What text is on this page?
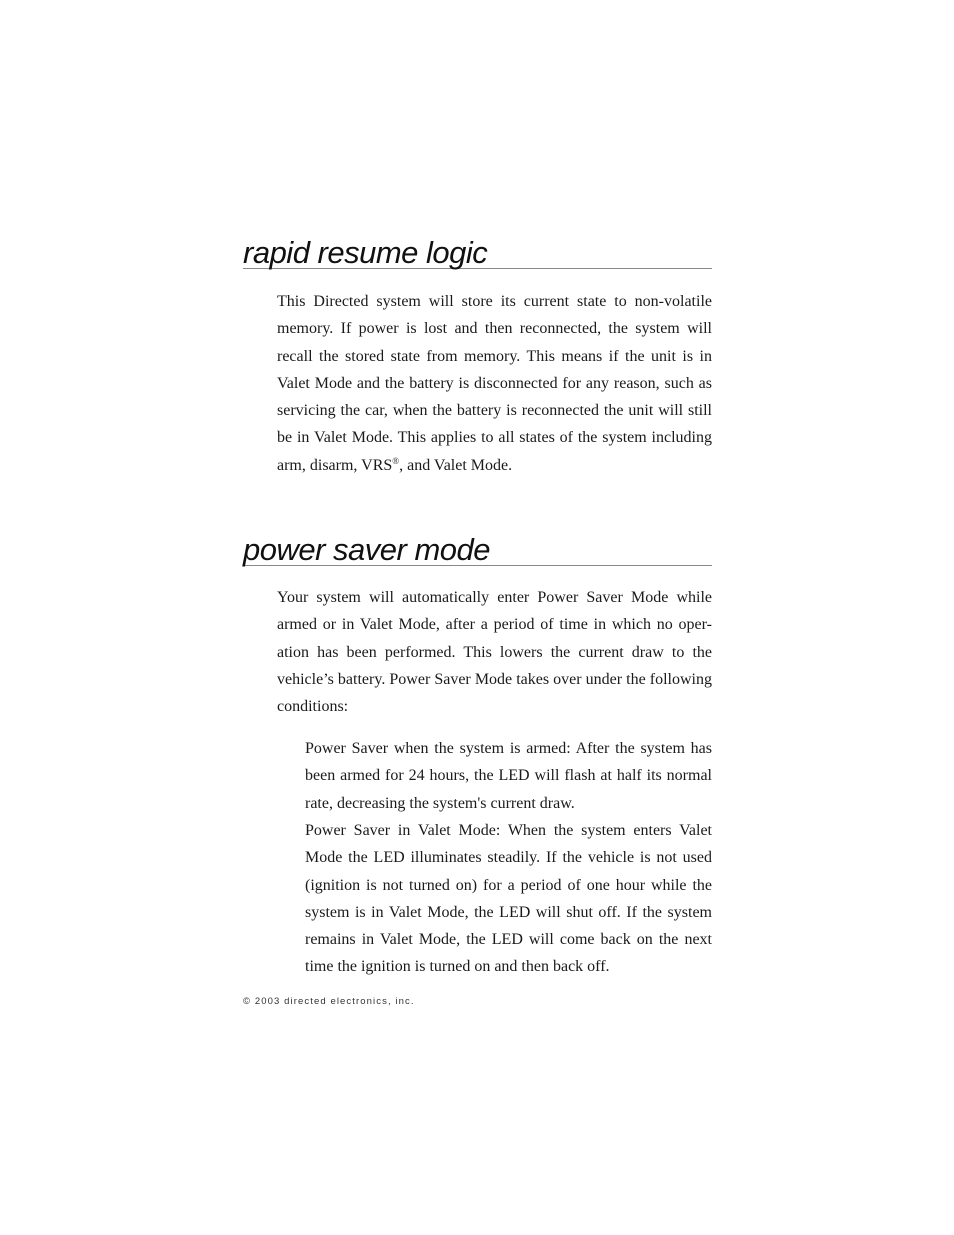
rapid resume logic

This Directed system will store its current state to non-volatile memory. If power is lost and then reconnected, the system will recall the stored state from memory. This means if the unit is in Valet Mode and the battery is disconnected for any reason, such as servicing the car, when the battery is reconnected the unit will still be in Valet Mode. This applies to all states of the system including arm, disarm, VRS®, and Valet Mode.

power saver mode

Your system will automatically enter Power Saver Mode while armed or in Valet Mode, after a period of time in which no oper-ation has been performed. This lowers the current draw to the vehicle’s battery. Power Saver Mode takes over under the following conditions:

Power Saver when the system is armed: After the system has been armed for 24 hours, the LED will flash at half its normal rate, decreasing the system's current draw.

Power Saver in Valet Mode: When the system enters Valet Mode the LED illuminates steadily. If the vehicle is not used (ignition is not turned on) for a period of one hour while the system is in Valet Mode, the LED will shut off. If the system remains in Valet Mode, the LED will come back on the next time the ignition is turned on and then back off.

© 2003 directed electronics, inc.
